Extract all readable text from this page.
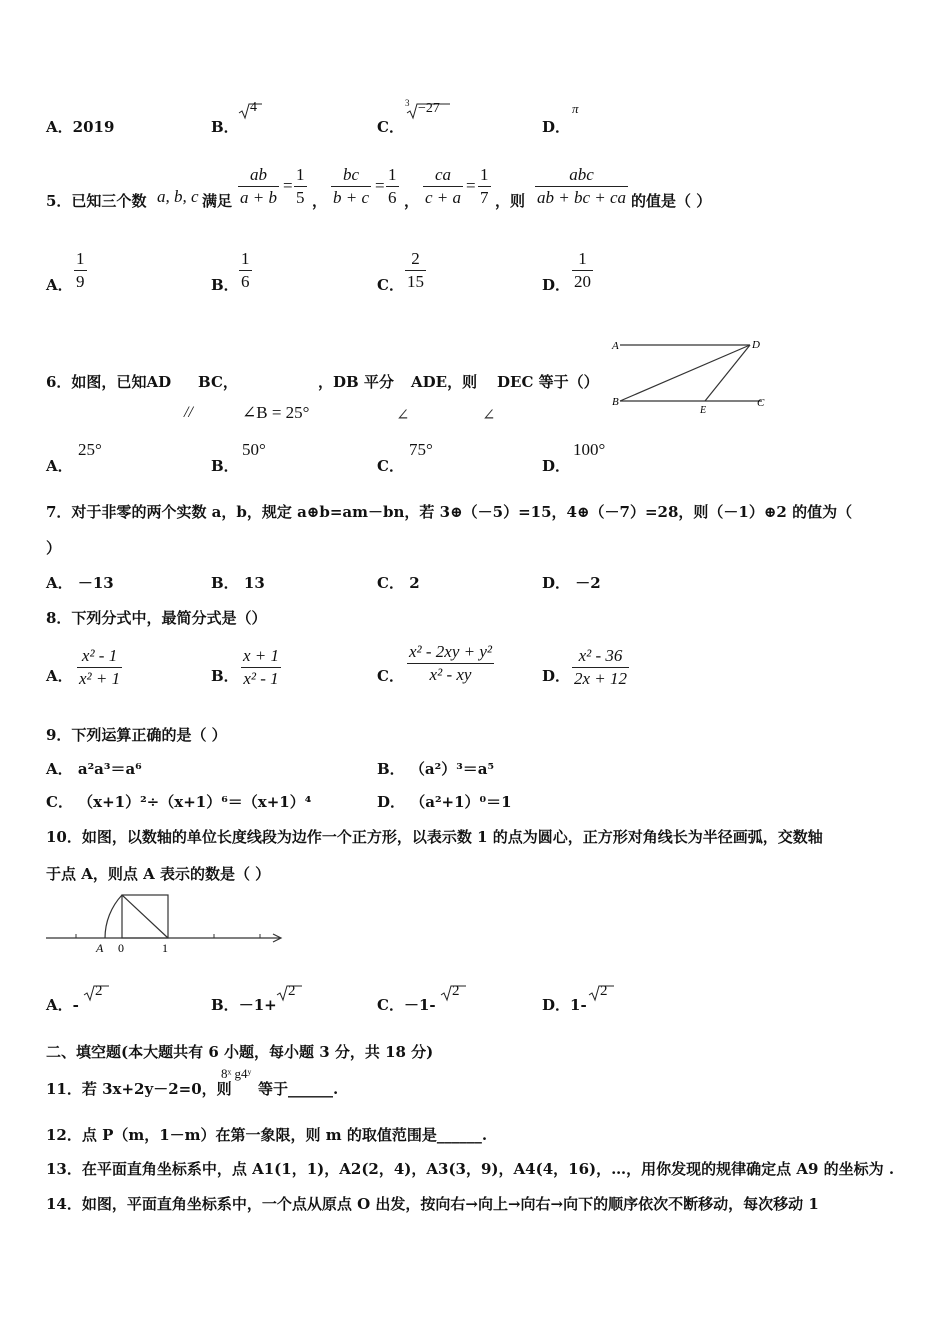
A．2019	B．
4
C．
3 −27
D．
π
5．已知三个数 a, b, c 满足 $\frac{ab}{a + b} = \frac{1}{5}$ ， $\frac{bc}{b + c} = \frac{1}{6}$ ， $\frac{ca}{c + a} = \frac{1}{7}$ ，则
abc
ab + bc + ca 的值是（ ）
A． $\frac{1}{9}$	B． $\frac{1}{6}$	C． $\frac{2}{15}$	D． $\frac{1}{20}$
6．如图，已知AD BC，	，DB 平分 ADE，则 DEC 等于（）
//	∠B = 25°	∠	∠
A	D
B
E
C
A．
25°
B．
50°
C．
75°
D．
100°
7．对于非零的两个实数 a，b，规定 a⊕b=am－bn，若 3⊕（－5）=15，4⊕（－7）=28，则（－1）⊕2 的值为（
）
A． －13	B． 13	C． 2	D． －2
8．下列分式中，最简分式是（）
A． $\frac{\text{x² - 1}}{\text{x² + 1}}$	B． $\frac{x + 1}{\text{x² - 1}}$	C． $\frac{\text{x² - 2xy + y²}}{\text{x² - xy}}$	D． $\frac{\text{x² - 36}}{2x + 12}$
9．下列运算正确的是（ ）
A． a²a³＝a⁶	B． （a²）³＝a⁵
C． （x+1）²÷（x+1）⁶＝（x+1）⁴	D． （a²+1）⁰＝1
10．如图，以数轴的单位长度线段为边作一个正方形，以表示数 1 的点为圆心，正方形对角线长为半径画弧，交数轴
于点 A，则点 A 表示的数是（ ）
A 0	1
A．-
2
B．－1+
2
C．－1-
2
D．1-
2
二、填空题(本大题共有 6 小题，每小题 3 分，共 18 分)
11．若 3x+2y－2=0，则
8ˣ g4ʸ
等于______.
12．点 P（m，1－m）在第一象限，则 m 的取值范围是______.
13．在平面直角坐标系中，点 A1(1，1)，A2(2，4)，A3(3，9)，A4(4，16)，…，用你发现的规律确定点 A9 的坐标为 .
14．如图，平面直角坐标系中，一个点从原点 O 出发，按向右→向上→向右→向下的顺序依次不断移动，每次移动 1
